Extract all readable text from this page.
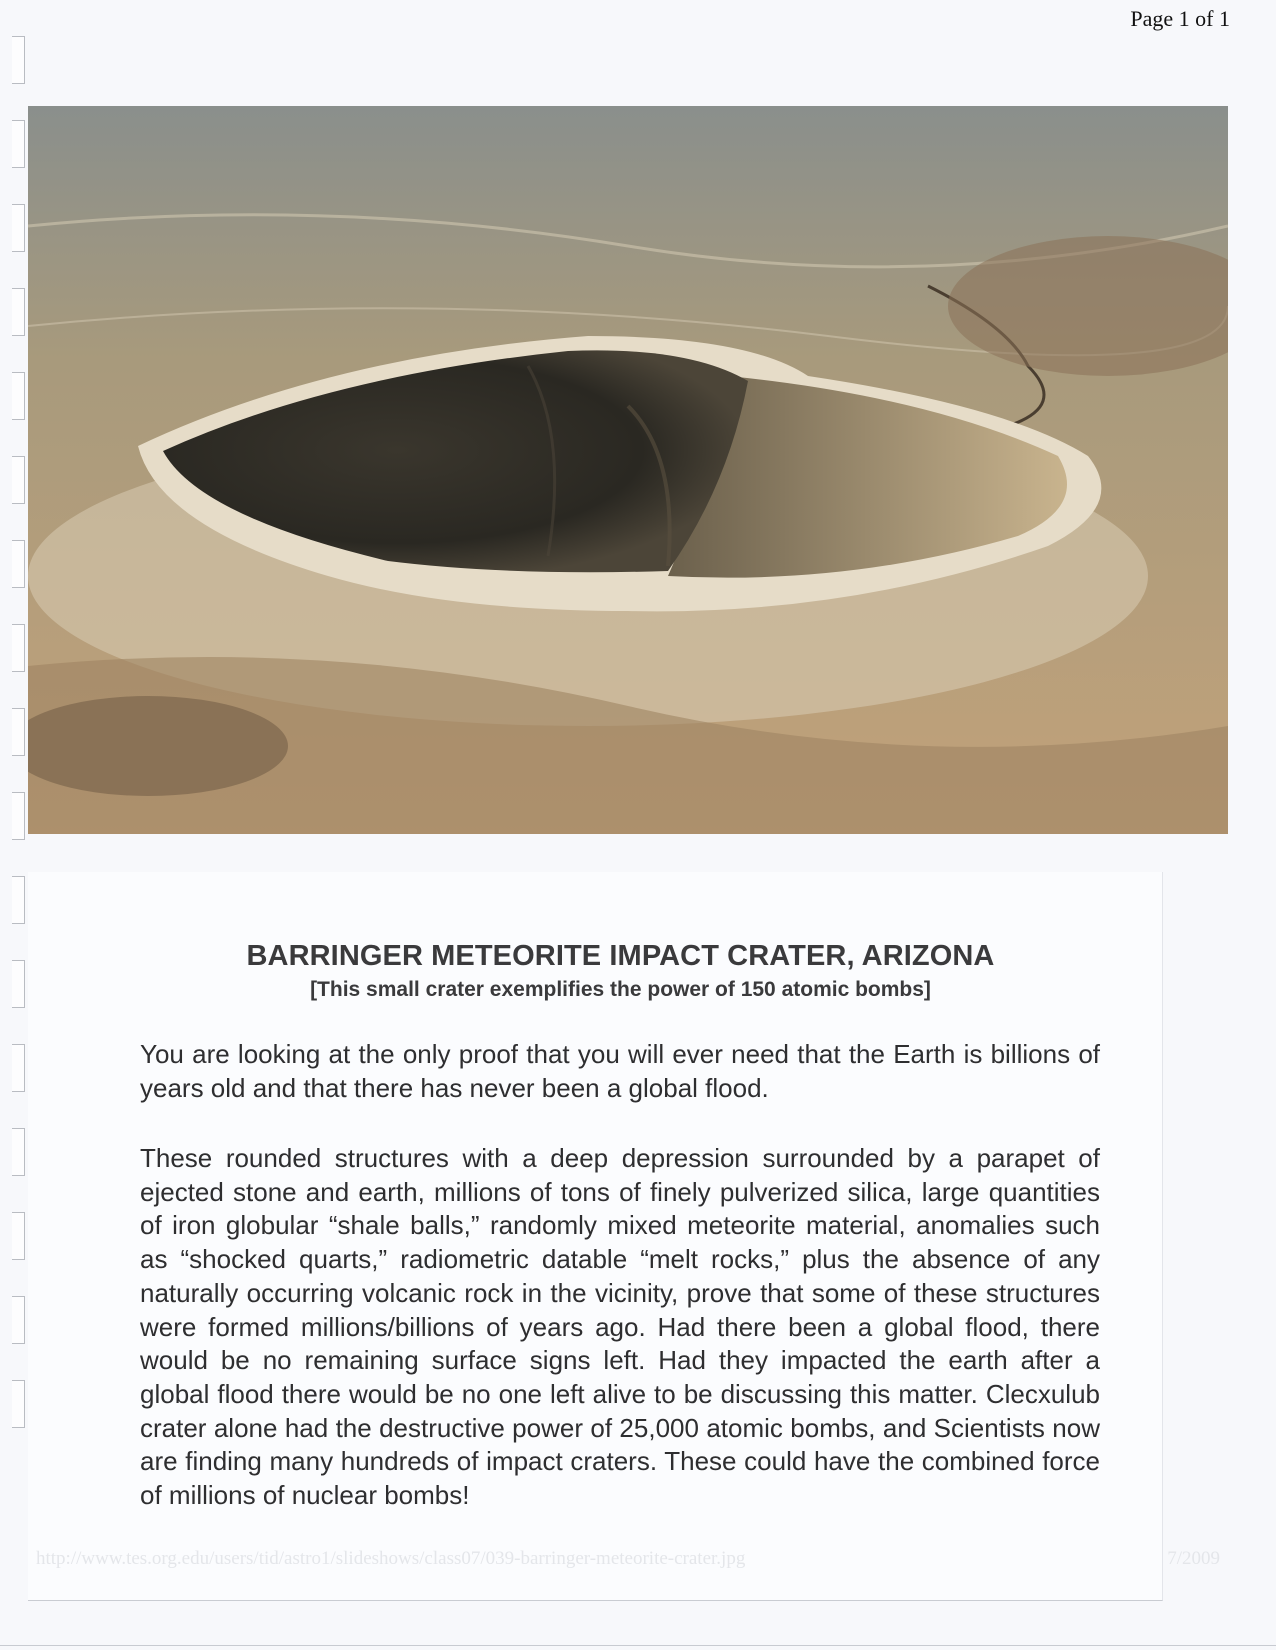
Page 1 of 1
BARRINGER METEORITE IMPACT CRATER, ARIZONA
[This small crater exemplifies the power of 150 atomic bombs]

You are looking at the only proof that you will ever need that the Earth is billions of years old and that there has never been a global flood.

These rounded structures with a deep depression surrounded by a parapet of ejected stone and earth, millions of tons of finely pulverized silica, large quantities of iron globular “shale balls,” randomly mixed meteorite material, anomalies such as “shocked quarts,” radiometric datable “melt rocks,” plus the absence of any naturally occurring volcanic rock in the vicinity, prove that some of these structures were formed millions/billions of years ago. Had there been a global flood, there would be no remaining surface signs left. Had they impacted the earth after a global flood there would be no one left alive to be discussing this matter. Clecxulub crater alone had the destructive power of 25,000 atomic bombs, and Scientists now are finding many hundreds of impact craters. These could have the combined force of millions of nuclear bombs!

http://www.tes.org.edu/users/tid/astro1/slideshows/class07/039-barringer-meteorite-crater.jpg	7/2009
